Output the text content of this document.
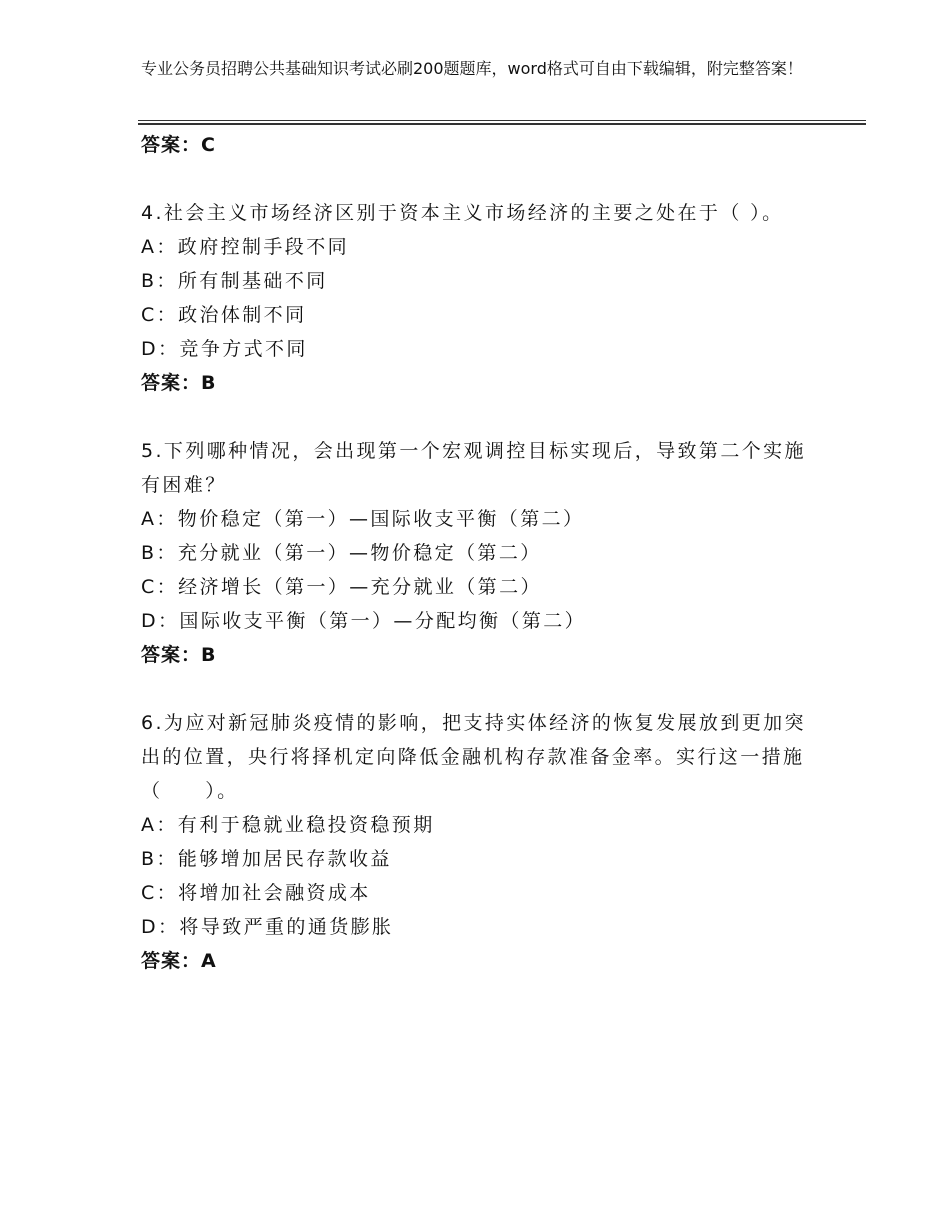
专业公务员招聘公共基础知识考试必刷200题题库，word格式可自由下载编辑，附完整答案！

答案：C

4.社会主义市场经济区别于资本主义市场经济的主要之处在于（ ）。

A：政府控制手段不同

B：所有制基础不同

C：政治体制不同

D：竞争方式不同

答案：B

5.下列哪种情况，会出现第一个宏观调控目标实现后，导致第二个实施有困难？

A：物价稳定（第一）—国际收支平衡（第二）

B：充分就业（第一）—物价稳定（第二）

C：经济增长（第一）—充分就业（第二）

D：国际收支平衡（第一）—分配均衡（第二）

答案：B

6.为应对新冠肺炎疫情的影响，把支持实体经济的恢复发展放到更加突出的位置，央行将择机定向降低金融机构存款准备金率。实行这一措施（　　）。

A：有利于稳就业稳投资稳预期

B：能够增加居民存款收益

C：将增加社会融资成本

D：将导致严重的通货膨胀

答案：A
